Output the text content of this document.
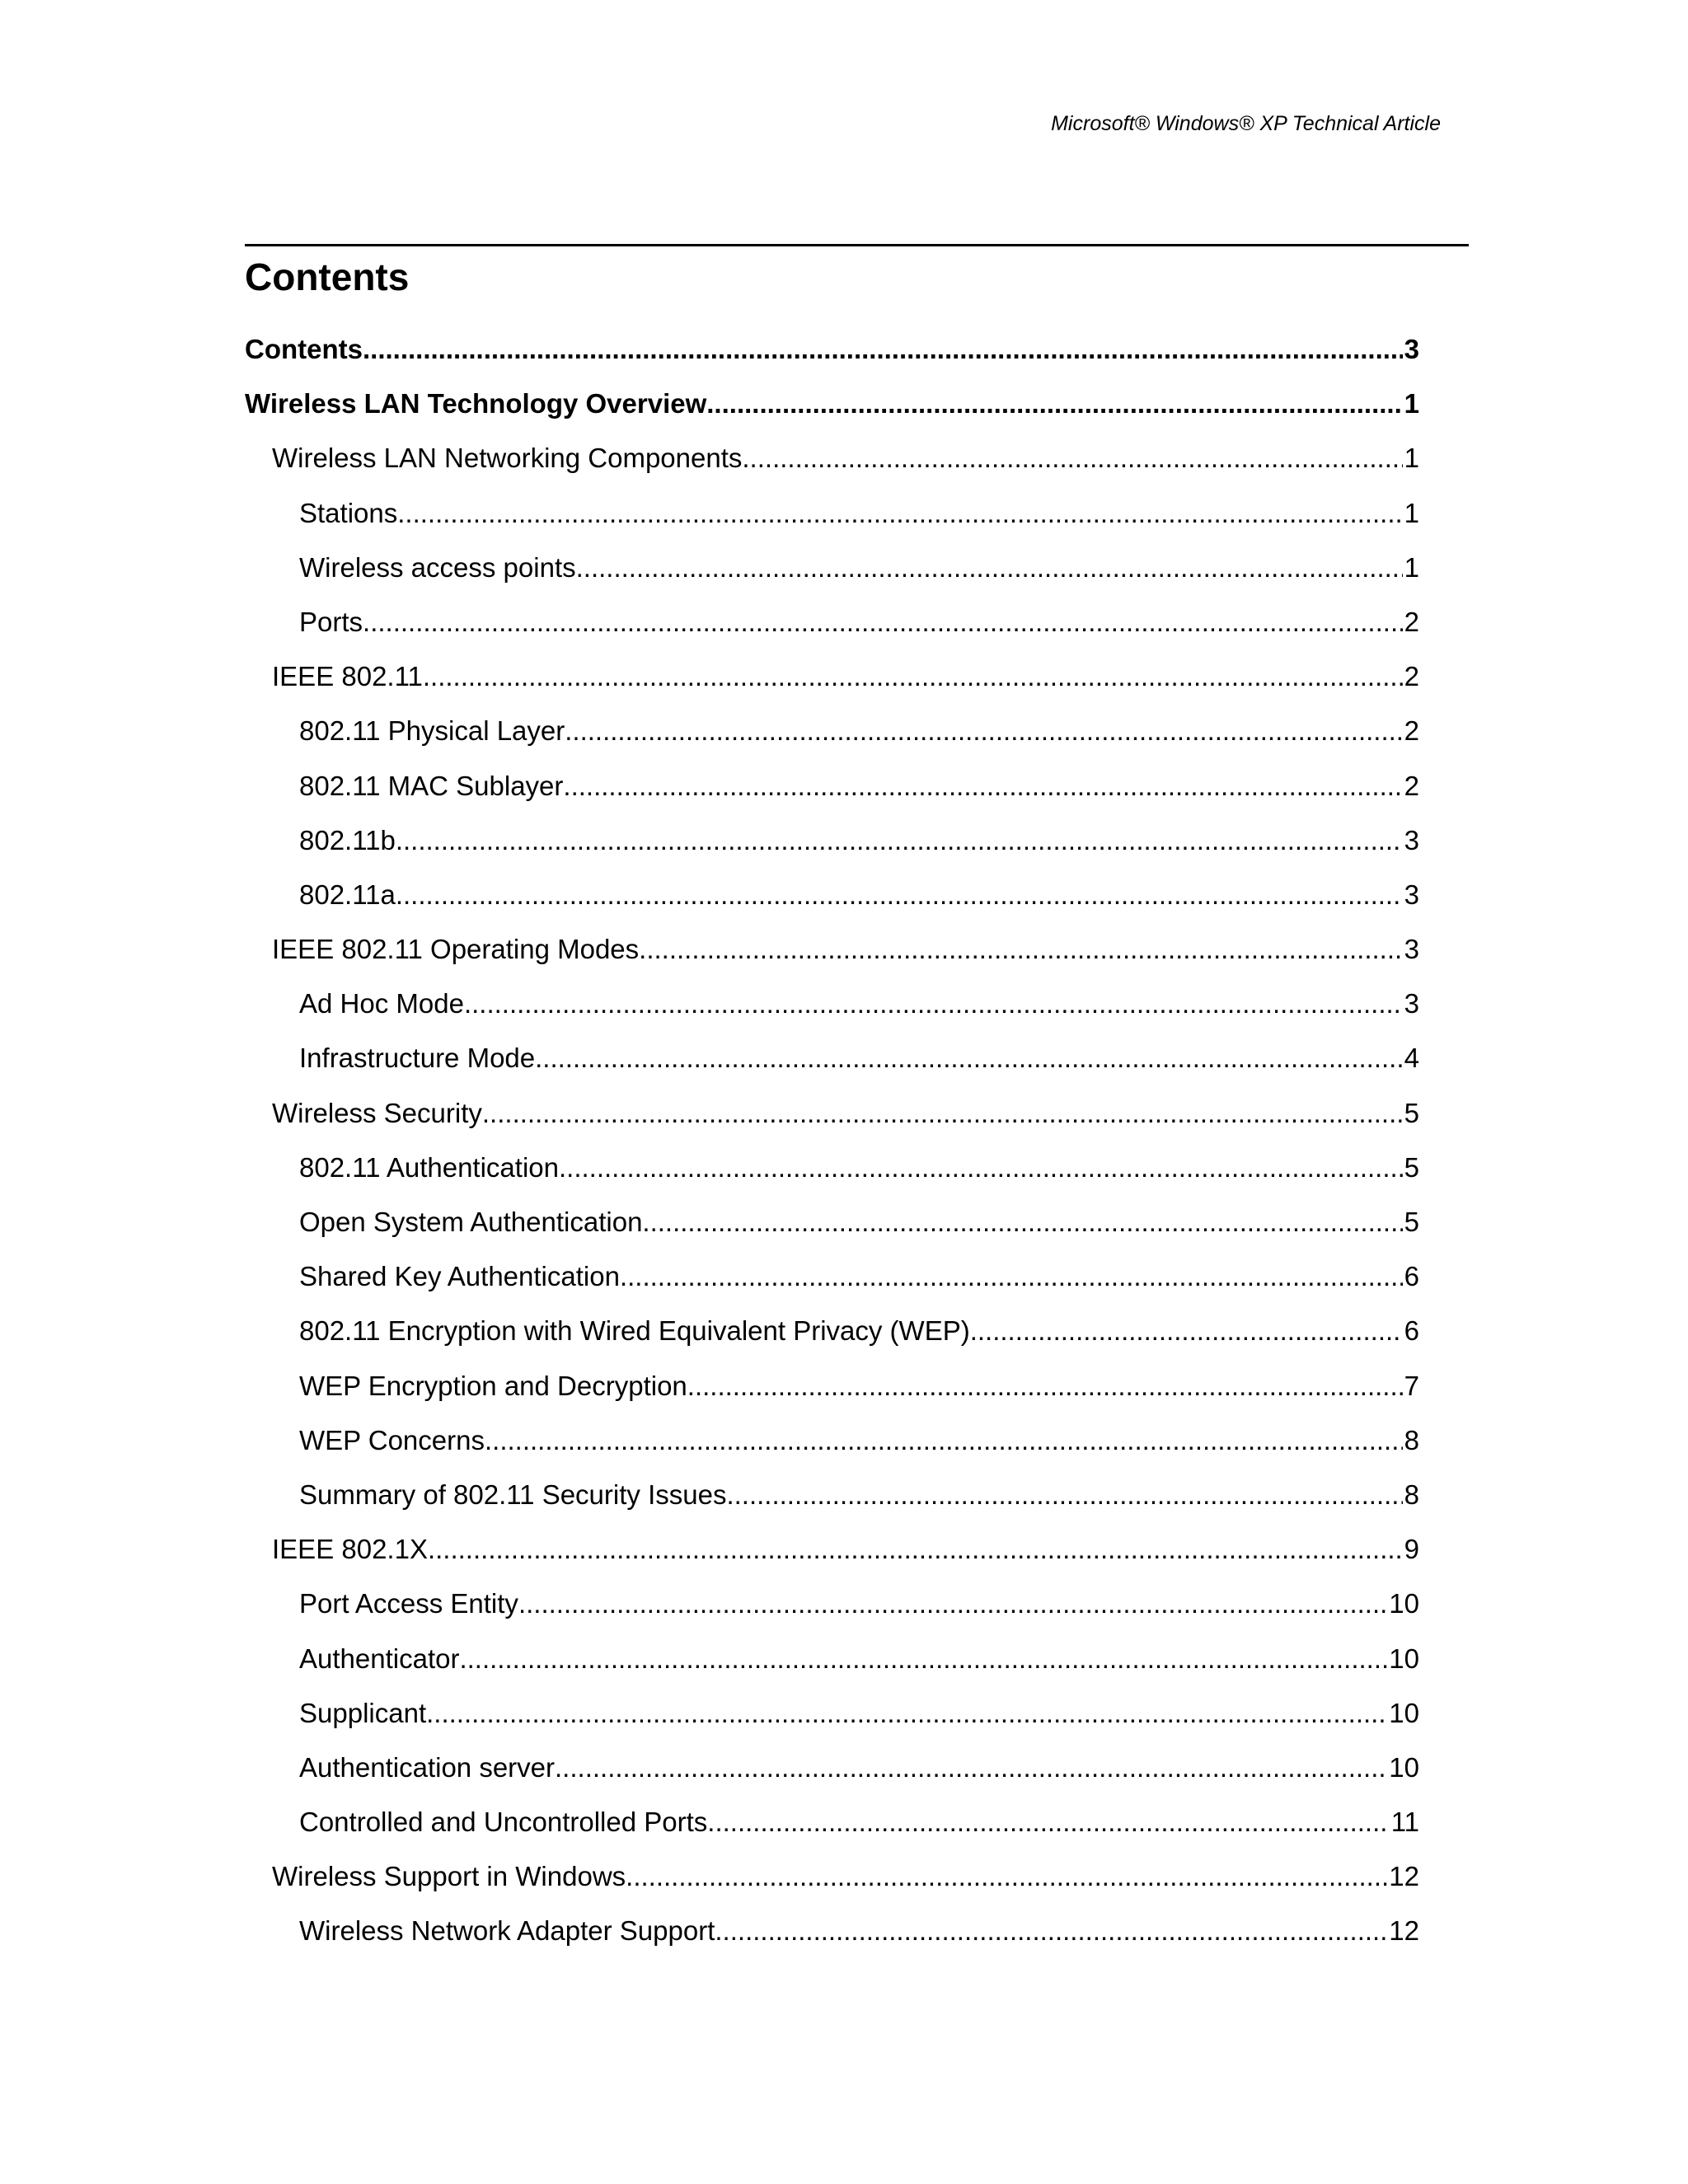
Microsoft® Windows® XP Technical Article
Contents
Contents .....	3
Wireless LAN Technology Overview .....	1
Wireless LAN Networking Components .....	1
Stations .....	1
Wireless access points .....	1
Ports .....	2
IEEE 802.11 .....	2
802.11 Physical Layer .....	2
802.11 MAC Sublayer .....	2
802.11b .....	3
802.11a .....	3
IEEE 802.11 Operating Modes .....	3
Ad Hoc Mode .....	3
Infrastructure Mode .....	4
Wireless Security .....	5
802.11 Authentication .....	5
Open System Authentication .....	5
Shared Key Authentication .....	6
802.11 Encryption with Wired Equivalent Privacy (WEP) .....	6
WEP Encryption and Decryption .....	7
WEP Concerns .....	8
Summary of 802.11 Security Issues .....	8
IEEE 802.1X .....	9
Port Access Entity .....	10
Authenticator .....	10
Supplicant .....	10
Authentication server .....	10
Controlled and Uncontrolled Ports .....	11
Wireless Support in Windows .....	12
Wireless Network Adapter Support .....	12
